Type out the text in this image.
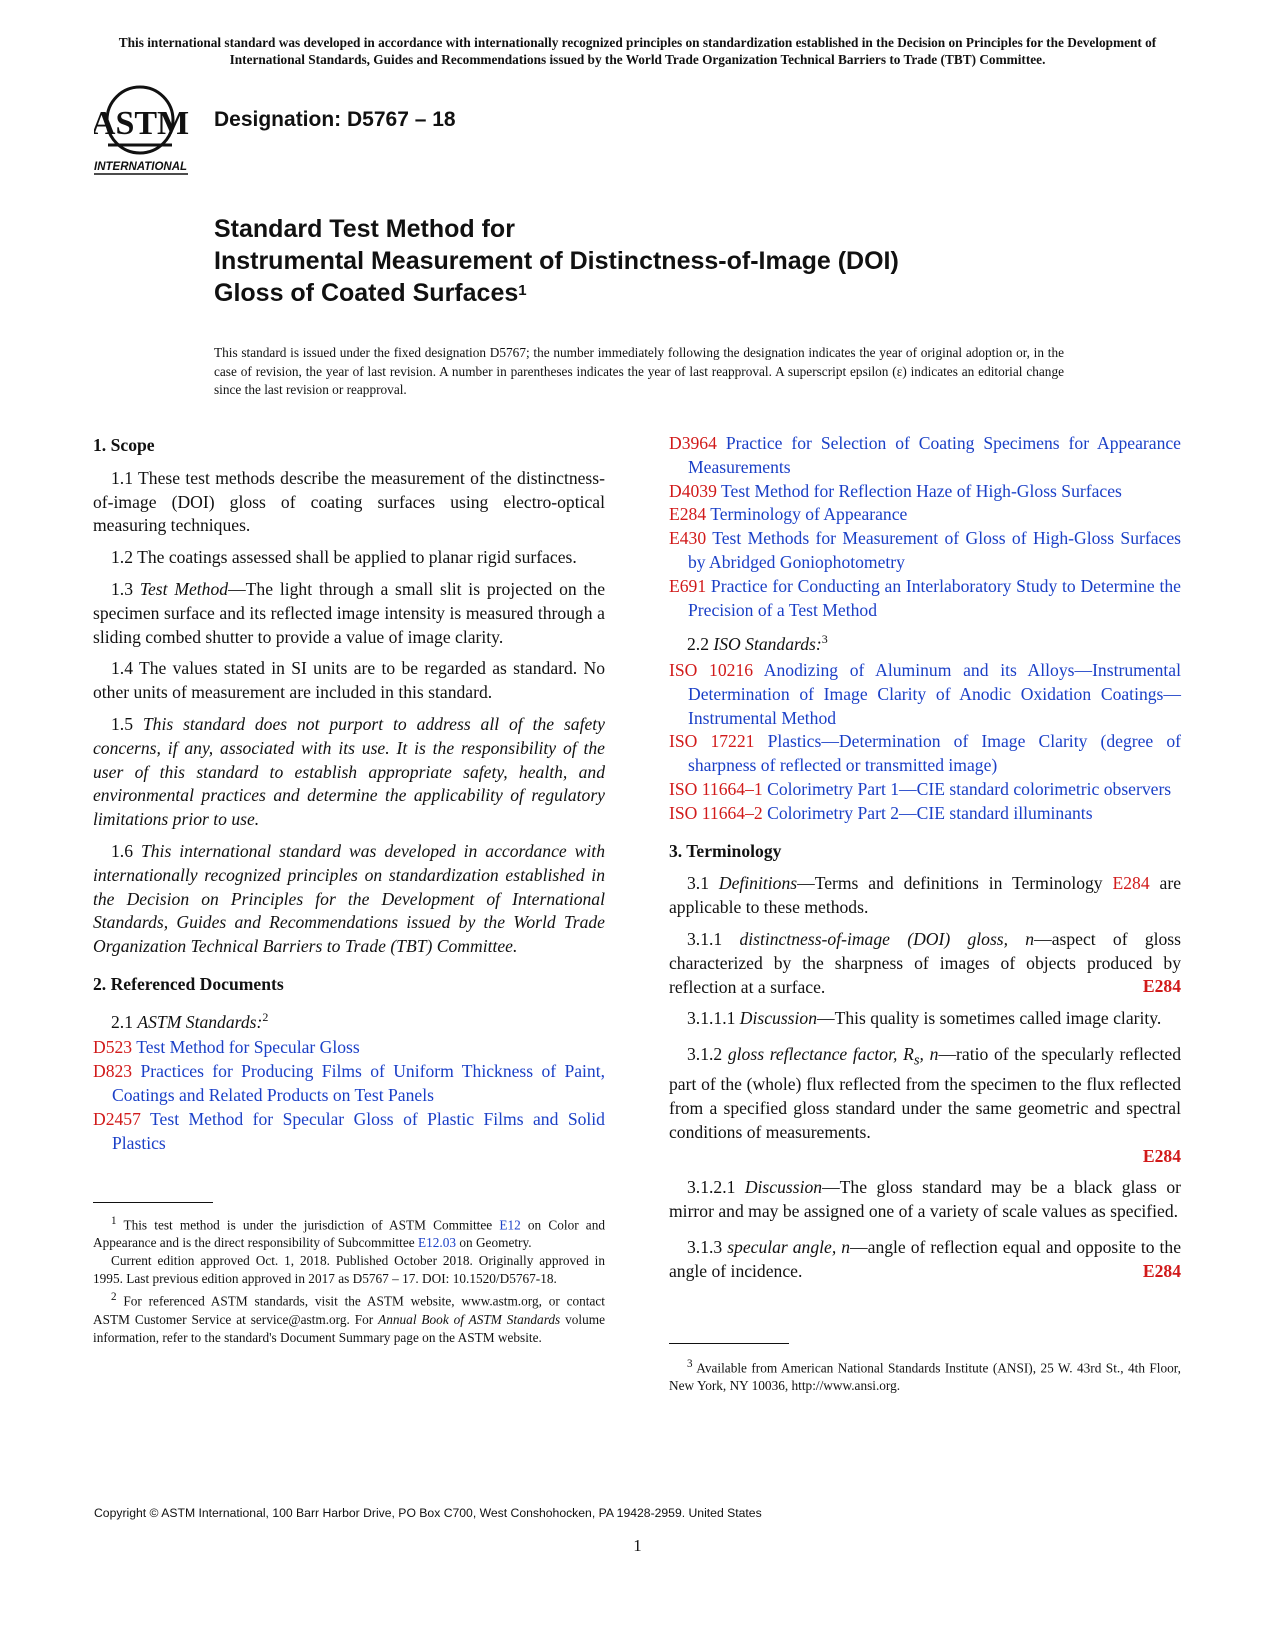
This international standard was developed in accordance with internationally recognized principles on standardization established in the Decision on Principles for the Development of International Standards, Guides and Recommendations issued by the World Trade Organization Technical Barriers to Trade (TBT) Committee.
ASTM
INTERNATIONAL
Designation: D5767 – 18
Standard Test Method for
Instrumental Measurement of Distinctness-of-Image (DOI)
Gloss of Coated Surfaces$^1$
This standard is issued under the fixed designation D5767; the number immediately following the designation indicates the year of original adoption or, in the case of revision, the year of last revision. A number in parentheses indicates the year of last reapproval. A superscript epsilon (ε) indicates an editorial change since the last revision or reapproval.
1. Scope

1.1 These test methods describe the measurement of the distinctness-of-image (DOI) gloss of coating surfaces using electro-optical measuring techniques.

1.2 The coatings assessed shall be applied to planar rigid surfaces.

1.3 Test Method—The light through a small slit is projected on the specimen surface and its reflected image intensity is measured through a sliding combed shutter to provide a value of image clarity.

1.4 The values stated in SI units are to be regarded as standard. No other units of measurement are included in this standard.

1.5 This standard does not purport to address all of the safety concerns, if any, associated with its use. It is the responsibility of the user of this standard to establish appropriate safety, health, and environmental practices and determine the applicability of regulatory limitations prior to use.

1.6 This international standard was developed in accordance with internationally recognized principles on standardization established in the Decision on Principles for the Development of International Standards, Guides and Recommendations issued by the World Trade Organization Technical Barriers to Trade (TBT) Committee.

2. Referenced Documents

2.1 ASTM Standards:$^2$

D523 Test Method for Specular Gloss
D823 Practices for Producing Films of Uniform Thickness of Paint, Coatings and Related Products on Test Panels
D2457 Test Method for Specular Gloss of Plastic Films and Solid Plastics

$^1$ This test method is under the jurisdiction of ASTM Committee E12 on Color and Appearance and is the direct responsibility of Subcommittee E12.03 on Geometry.

Current edition approved Oct. 1, 2018. Published October 2018. Originally approved in 1995. Last previous edition approved in 2017 as D5767 – 17. DOI: 10.1520/D5767-18.

$^2$ For referenced ASTM standards, visit the ASTM website, www.astm.org, or contact ASTM Customer Service at service@astm.org. For Annual Book of ASTM Standards volume information, refer to the standard's Document Summary page on the ASTM website.

D3964 Practice for Selection of Coating Specimens for Appearance Measurements
D4039 Test Method for Reflection Haze of High-Gloss Surfaces
E284 Terminology of Appearance
E430 Test Methods for Measurement of Gloss of High-Gloss Surfaces by Abridged Goniophotometry
E691 Practice for Conducting an Interlaboratory Study to Determine the Precision of a Test Method

2.2 ISO Standards:$^3$

ISO 10216 Anodizing of Aluminum and its Alloys—Instrumental Determination of Image Clarity of Anodic Oxidation Coatings—Instrumental Method
ISO 17221 Plastics—Determination of Image Clarity (degree of sharpness of reflected or transmitted image)
ISO 11664–1 Colorimetry Part 1—CIE standard colorimetric observers
ISO 11664–2 Colorimetry Part 2—CIE standard illuminants
3. Terminology

3.1 Definitions—Terms and definitions in Terminology E284 are applicable to these methods.

3.1.1 distinctness-of-image (DOI) gloss, n—aspect of gloss characterized by the sharpness of images of objects produced by reflection at a surface.	E284

3.1.1.1 Discussion—This quality is sometimes called image clarity.

3.1.2 gloss reflectance factor, $R_s$, n—ratio of the specularly reflected part of the (whole) flux reflected from the specimen to the flux reflected from a specified gloss standard under the same geometric and spectral conditions of measurements.

E284

3.1.2.1 Discussion—The gloss standard may be a black glass or mirror and may be assigned one of a variety of scale values as specified.

3.1.3 specular angle, n—angle of reflection equal and opposite to the angle of incidence.	E284

$^3$ Available from American National Standards Institute (ANSI), 25 W. 43rd St., 4th Floor, New York, NY 10036, http://www.ansi.org.

Copyright © ASTM International, 100 Barr Harbor Drive, PO Box C700, West Conshohocken, PA 19428-2959. United States
1
